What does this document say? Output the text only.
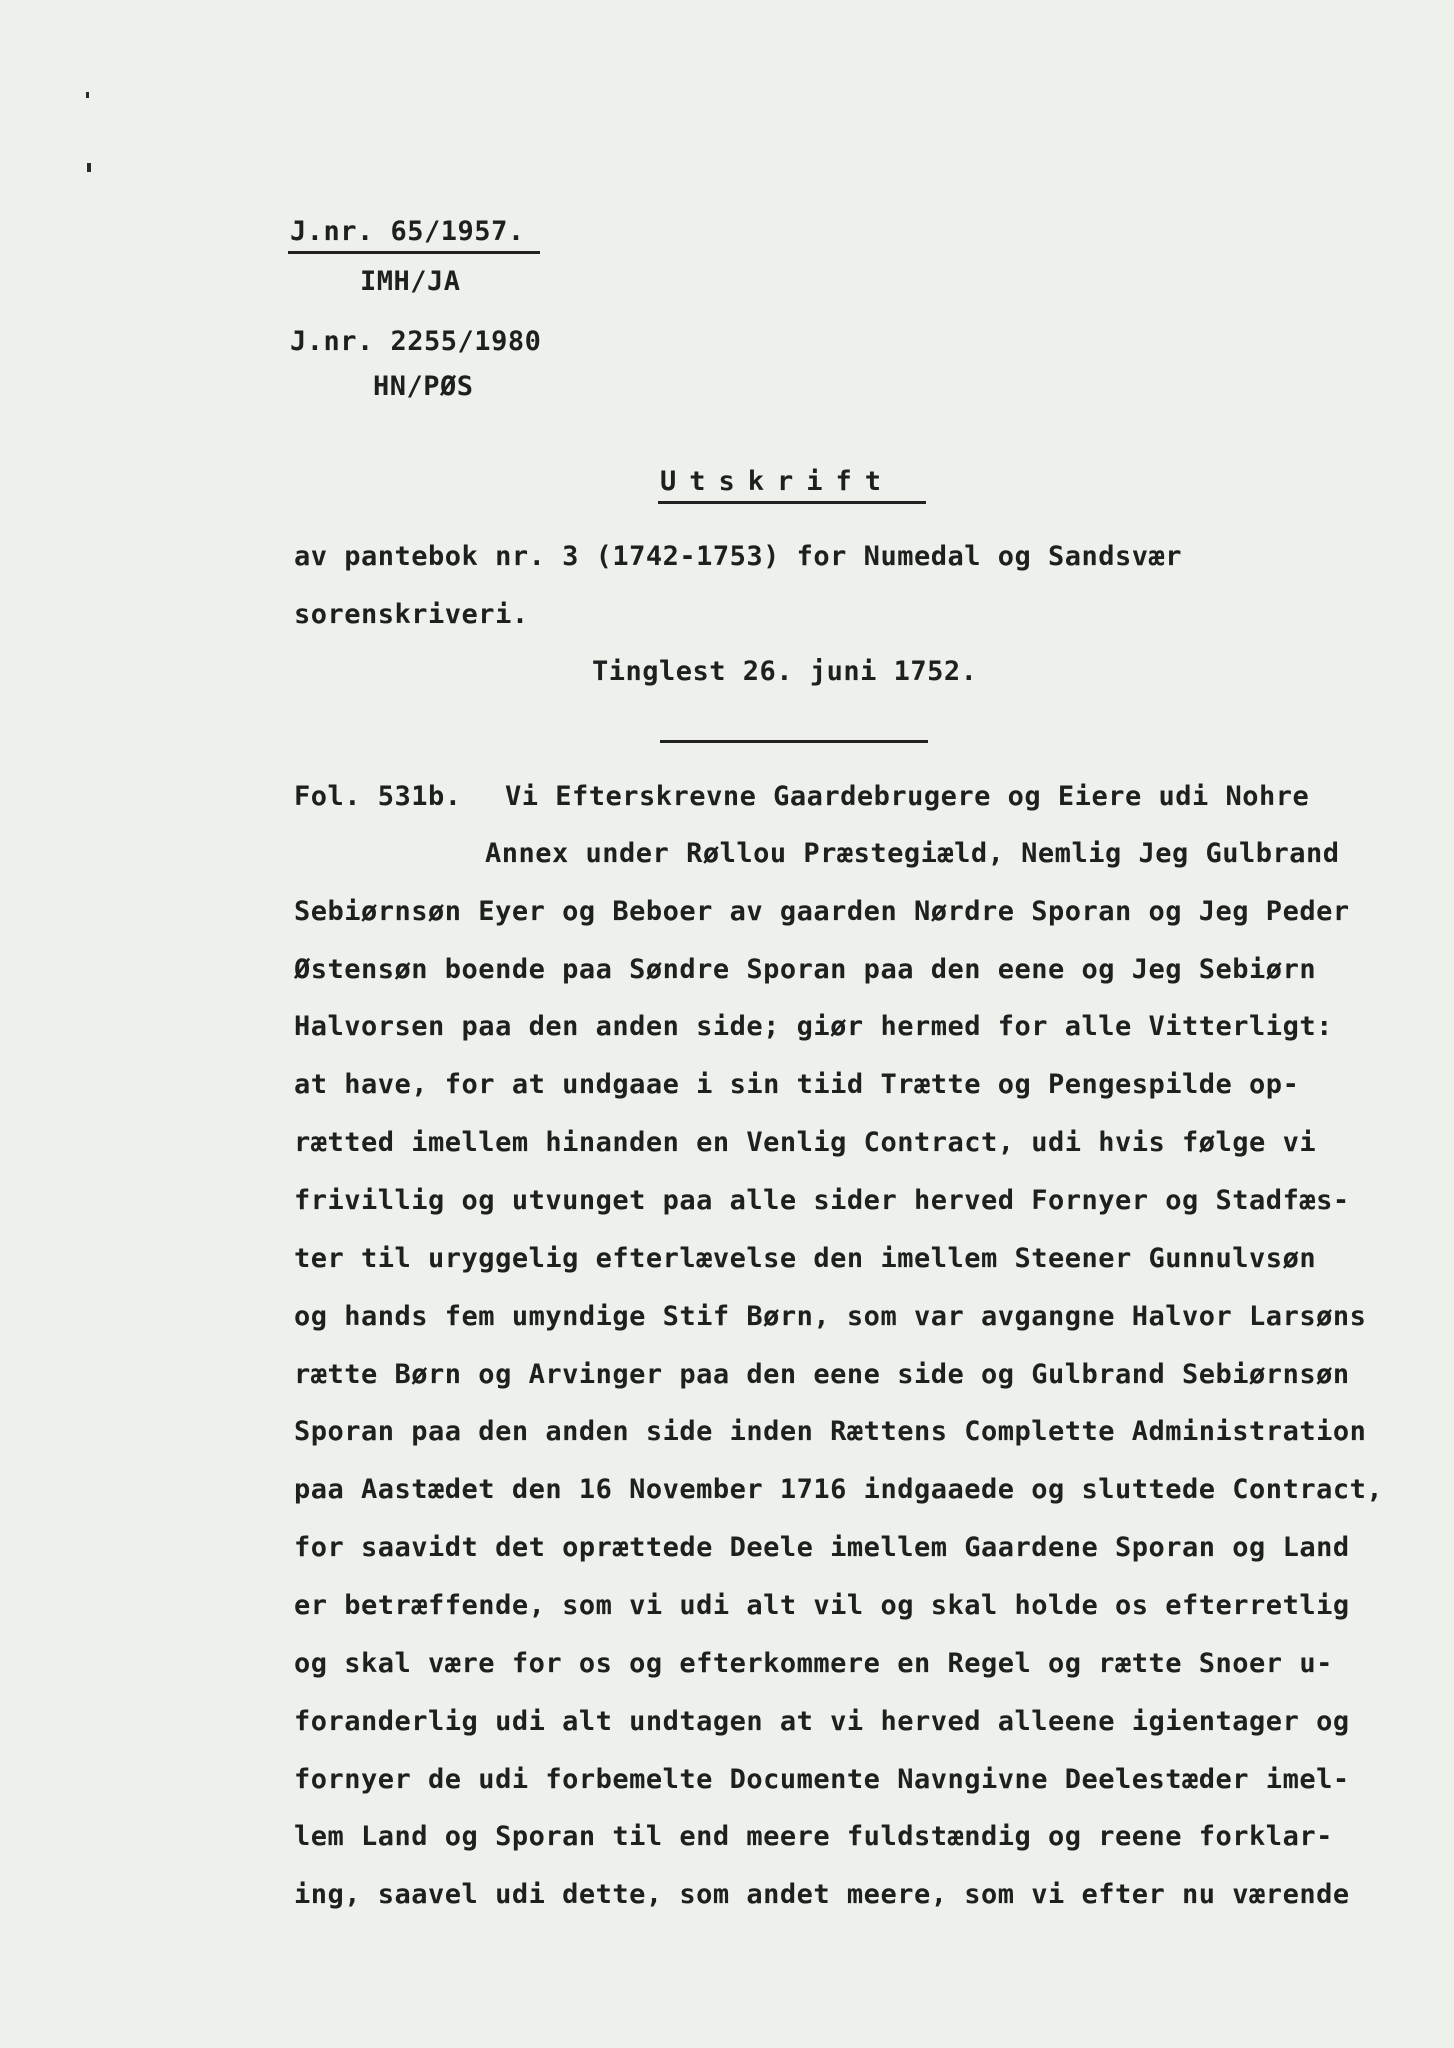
J.nr. 65/1957.
IMH/JA
J.nr. 2255/1980
HN/PØS
Utskrift
av pantebok nr. 3 (1742-1753) for Numedal og Sandsvær
sorenskriveri.
Tinglest 26. juni 1752.
Fol. 531b. Vi Efterskrevne Gaardebrugere og Eiere udi Nohre
Annex under Røllou Præstegiæld, Nemlig Jeg Gulbrand
Sebiørnsøn Eyer og Beboer av gaarden Nørdre Sporan og Jeg Peder
Østensøn boende paa Søndre Sporan paa den eene og Jeg Sebiørn
Halvorsen paa den anden side; giør hermed for alle Vitterligt:
at have, for at undgaae i sin tiid Trætte og Pengespilde op-
rætted imellem hinanden en Venlig Contract, udi hvis følge vi
frivillig og utvunget paa alle sider herved Fornyer og Stadfæs-
ter til uryggelig efterlævelse den imellem Steener Gunnulvsøn
og hands fem umyndige Stif Børn, som var avgangne Halvor Larsøns
rætte Børn og Arvinger paa den eene side og Gulbrand Sebiørnsøn
Sporan paa den anden side inden Rættens Complette Administration
paa Aastædet den 16 November 1716 indgaaede og sluttede Contract,
for saavidt det oprættede Deele imellem Gaardene Sporan og Land
er betræffende, som vi udi alt vil og skal holde os efterretlig
og skal være for os og efterkommere en Regel og rætte Snoer u-
foranderlig udi alt undtagen at vi herved alleene igientager og
fornyer de udi forbemelte Documente Navngivne Deelestæder imel-
lem Land og Sporan til end meere fuldstændig og reene forklar-
ing, saavel udi dette, som andet meere, som vi efter nu værende
